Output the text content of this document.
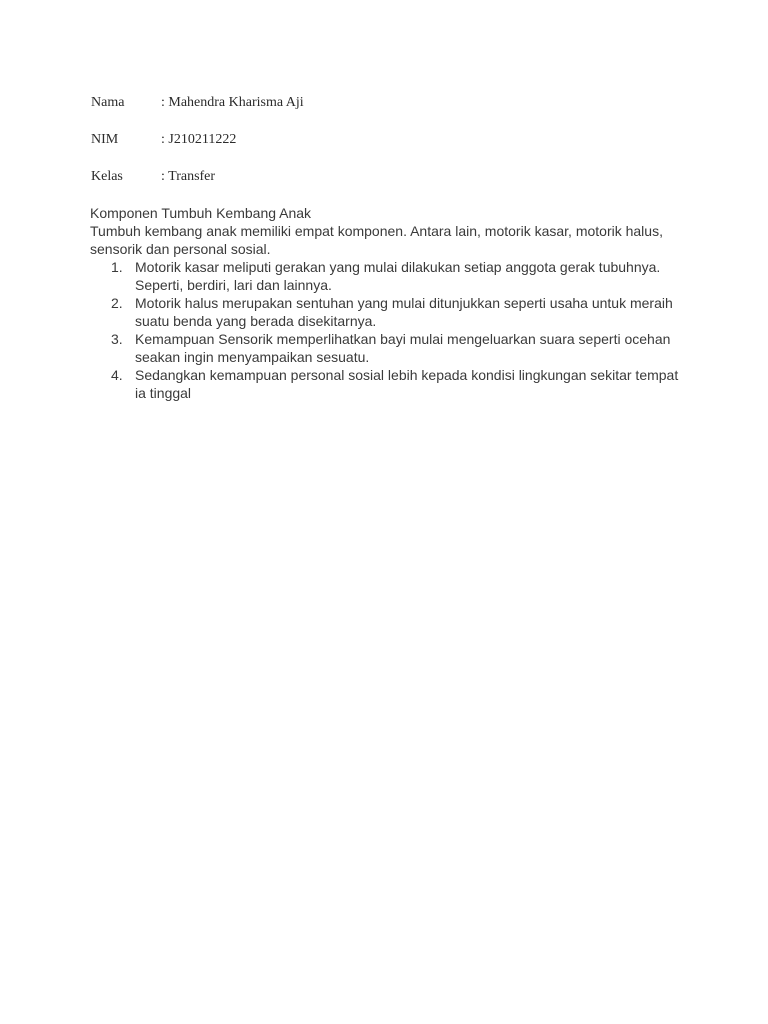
Nama	: Mahendra Kharisma Aji
NIM	: J210211222
Kelas	: Transfer

Komponen Tumbuh Kembang Anak

Tumbuh kembang anak memiliki empat komponen. Antara lain, motorik kasar, motorik halus, sensorik dan personal sosial.

1. Motorik kasar meliputi gerakan yang mulai dilakukan setiap anggota gerak tubuhnya. Seperti, berdiri, lari dan lainnya.
2. Motorik halus merupakan sentuhan yang mulai ditunjukkan seperti usaha untuk meraih suatu benda yang berada disekitarnya.
3. Kemampuan Sensorik memperlihatkan bayi mulai mengeluarkan suara seperti ocehan seakan ingin menyampaikan sesuatu.
4. Sedangkan kemampuan personal sosial lebih kepada kondisi lingkungan sekitar tempat ia tinggal
